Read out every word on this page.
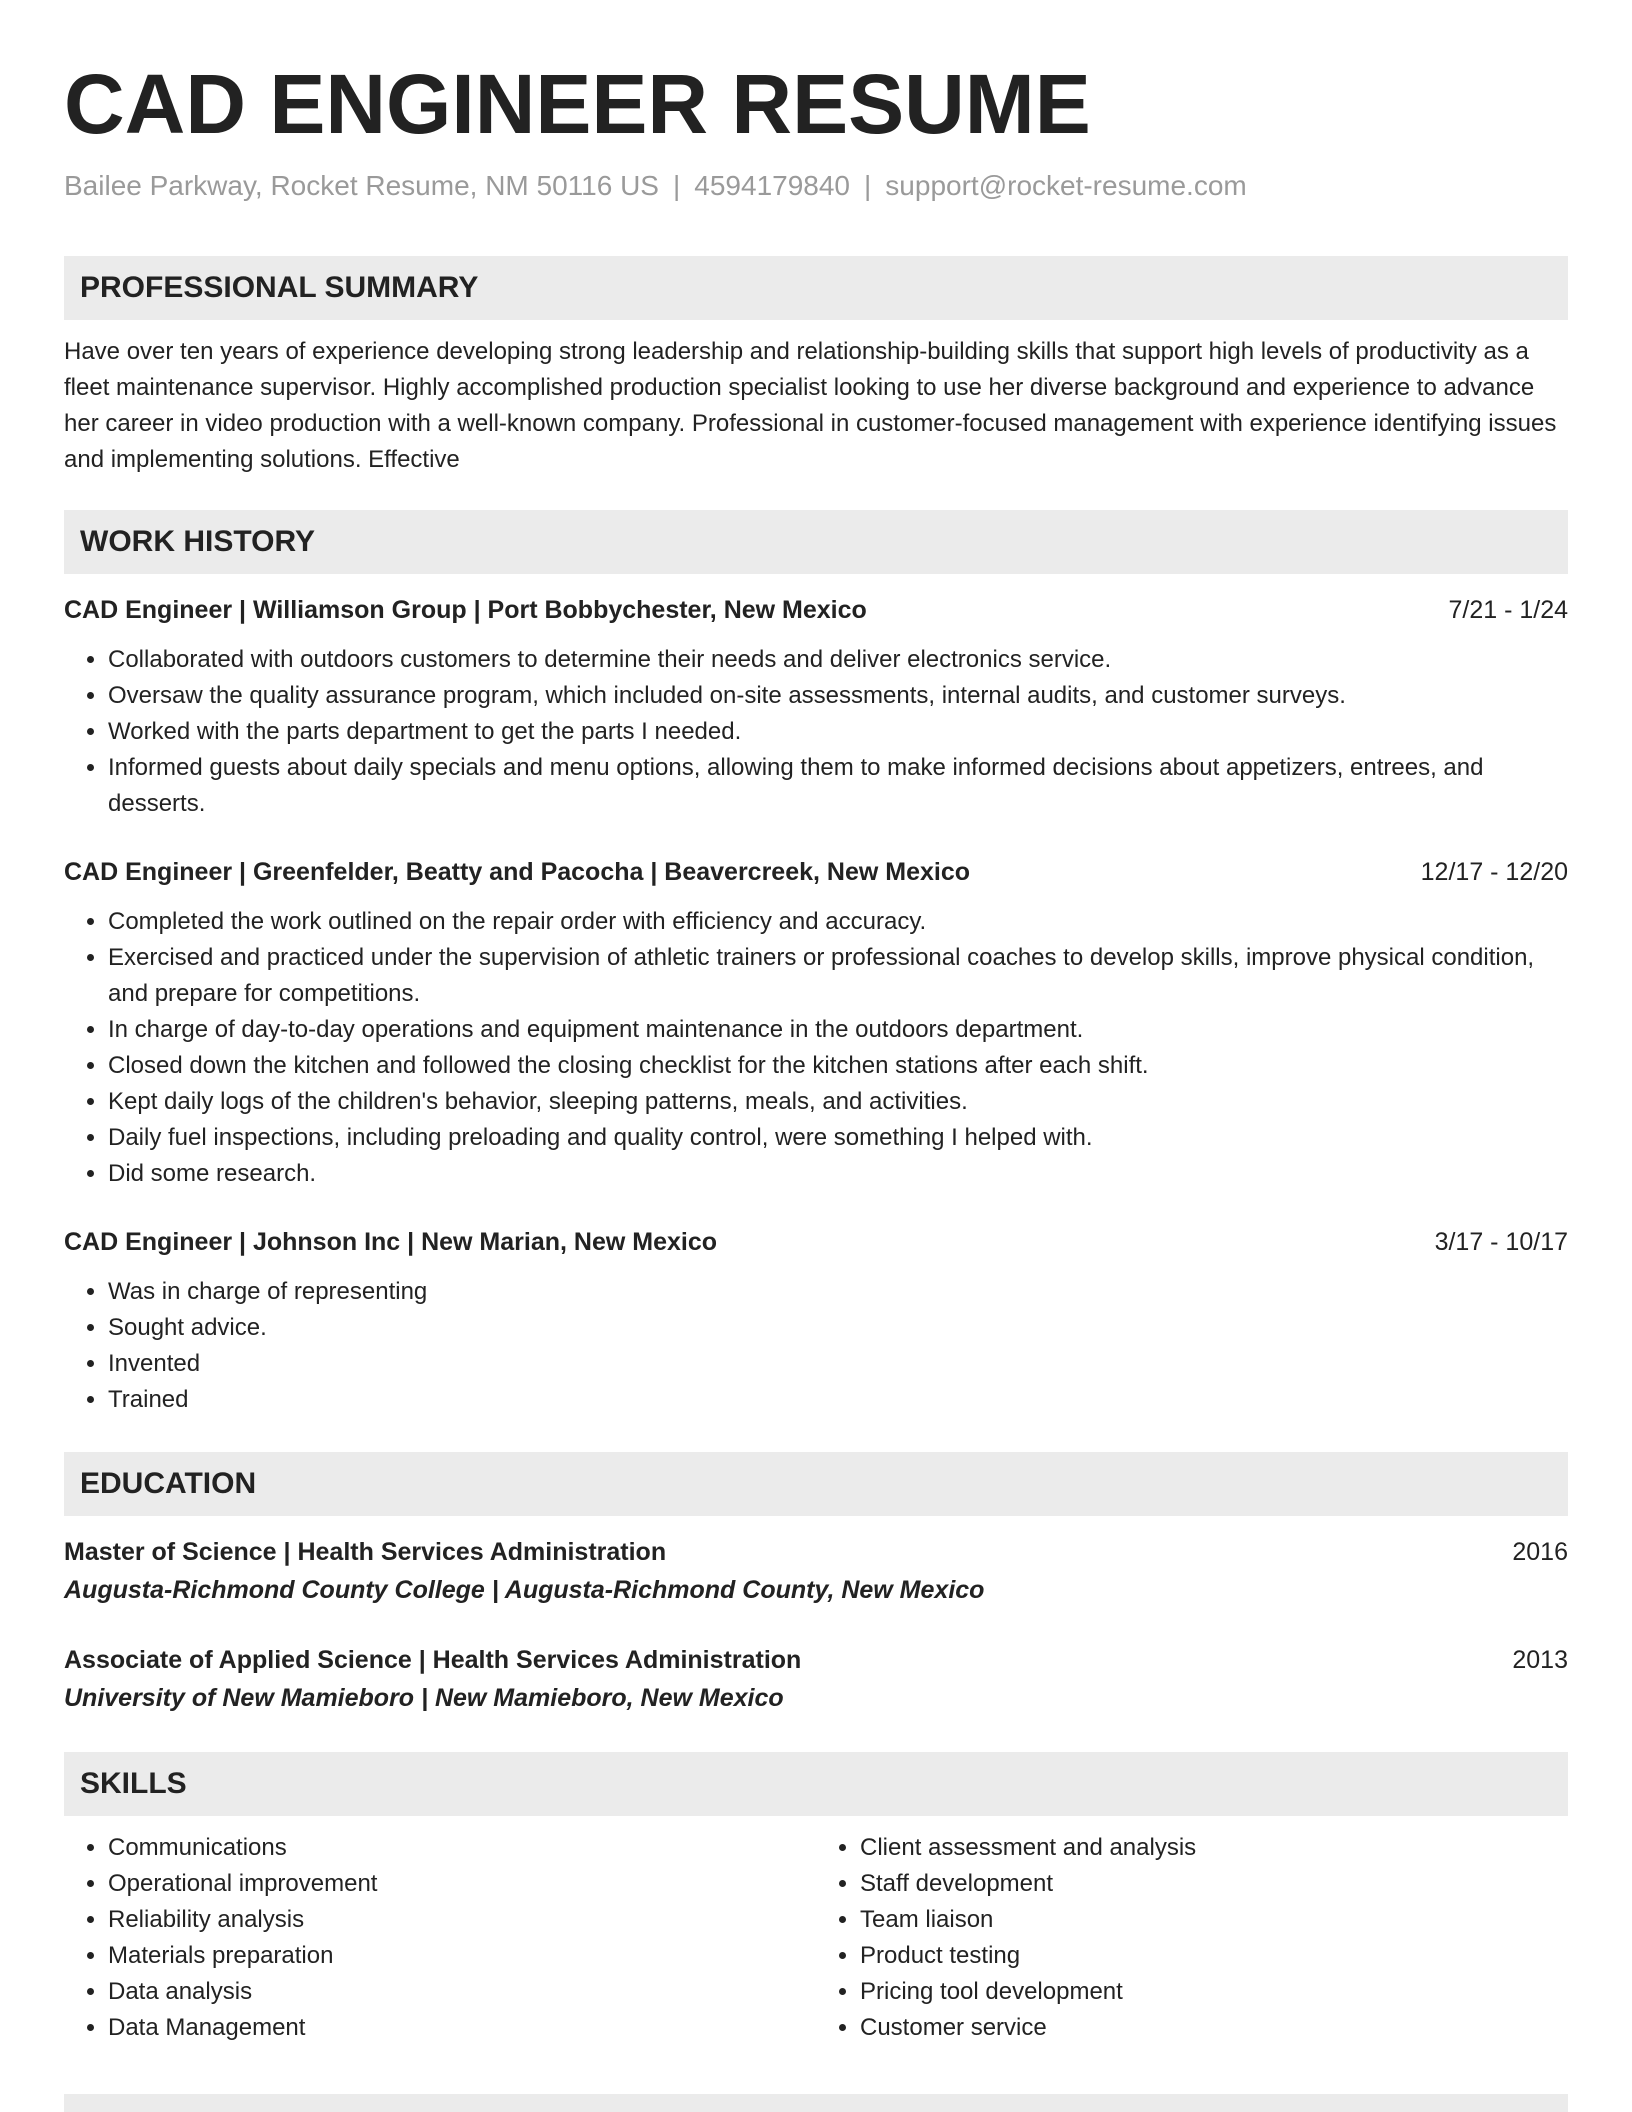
CAD ENGINEER RESUME
Bailee Parkway, Rocket Resume, NM 50116 US | 4594179840 | support@rocket-resume.com
PROFESSIONAL SUMMARY
Have over ten years of experience developing strong leadership and relationship-building skills that support high levels of productivity as a fleet maintenance supervisor. Highly accomplished production specialist looking to use her diverse background and experience to advance her career in video production with a well-known company. Professional in customer-focused management with experience identifying issues and implementing solutions. Effective
WORK HISTORY
CAD Engineer | Williamson Group | Port Bobbychester, New Mexico	7/21 - 1/24
• Collaborated with outdoors customers to determine their needs and deliver electronics service.
• Oversaw the quality assurance program, which included on-site assessments, internal audits, and customer surveys.
• Worked with the parts department to get the parts I needed.
• Informed guests about daily specials and menu options, allowing them to make informed decisions about appetizers, entrees, and desserts.
CAD Engineer | Greenfelder, Beatty and Pacocha | Beavercreek, New Mexico	12/17 - 12/20
• Completed the work outlined on the repair order with efficiency and accuracy.
• Exercised and practiced under the supervision of athletic trainers or professional coaches to develop skills, improve physical condition, and prepare for competitions.
• In charge of day-to-day operations and equipment maintenance in the outdoors department.
• Closed down the kitchen and followed the closing checklist for the kitchen stations after each shift.
• Kept daily logs of the children's behavior, sleeping patterns, meals, and activities.
• Daily fuel inspections, including preloading and quality control, were something I helped with.
• Did some research.
CAD Engineer | Johnson Inc | New Marian, New Mexico	3/17 - 10/17
• Was in charge of representing
• Sought advice.
• Invented
• Trained
EDUCATION
Master of Science | Health Services Administration	2016
Augusta-Richmond County College | Augusta-Richmond County, New Mexico
Associate of Applied Science | Health Services Administration	2013
University of New Mamieboro | New Mamieboro, New Mexico
SKILLS
• Communications
• Operational improvement
• Reliability analysis
• Materials preparation
• Data analysis
• Data Management
• Client assessment and analysis
• Staff development
• Team liaison
• Product testing
• Pricing tool development
• Customer service
